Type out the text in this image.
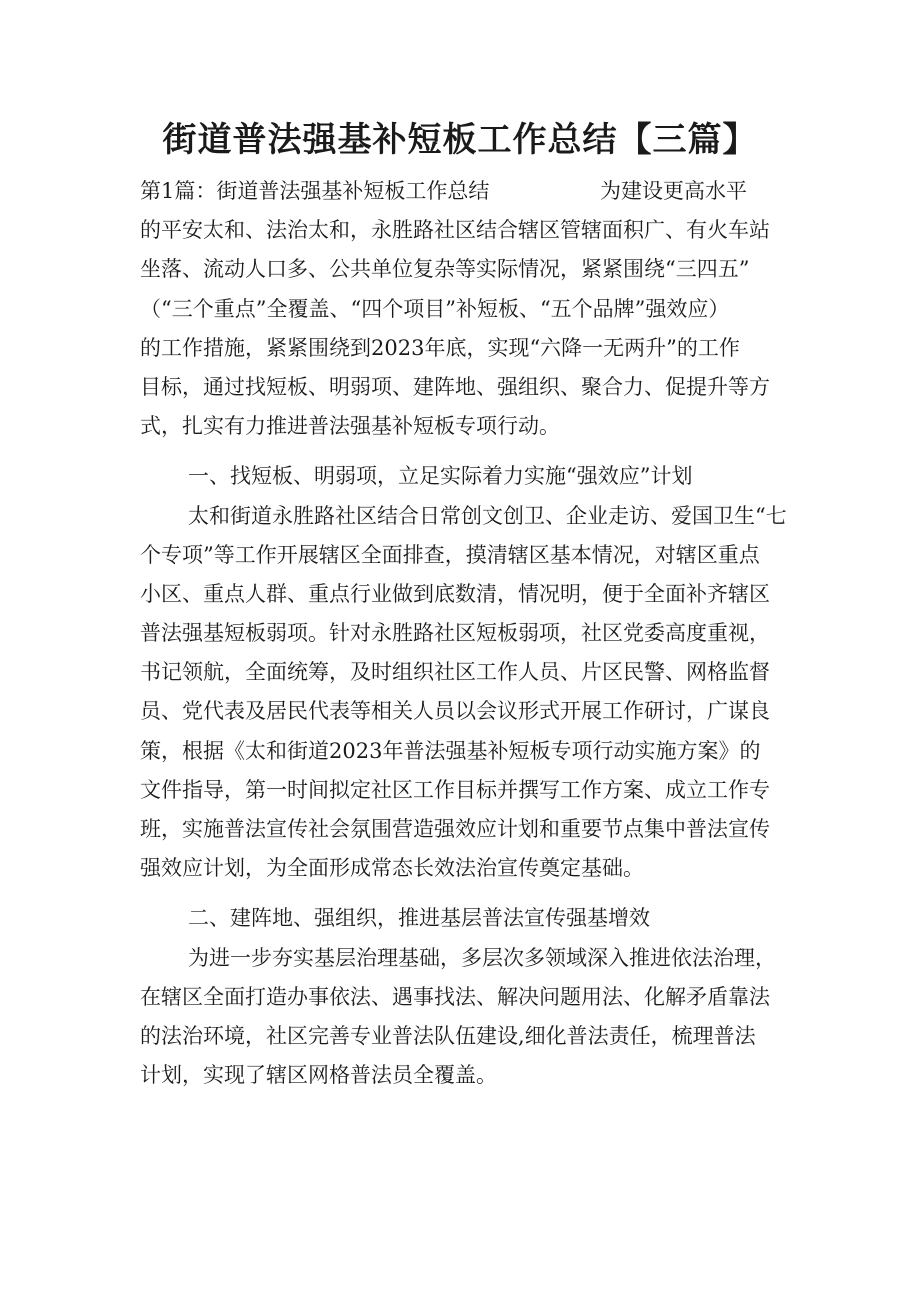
街道普法强基补短板工作总结【三篇】
第1篇：街道普法强基补短板工作总结	为建设更高水平
的平安太和、法治太和，永胜路社区结合辖区管辖面积广、有火车站
坐落、流动人口多、公共单位复杂等实际情况，紧紧围绕“三四五”
（“三个重点”全覆盖、“四个项目”补短板、“五个品牌”强效应）
的工作措施，紧紧围绕到2023年底，实现“六降一无两升”的工作
目标，通过找短板、明弱项、建阵地、强组织、聚合力、促提升等方
式，扎实有力推进普法强基补短板专项行动。
一、找短板、明弱项，立足实际着力实施“强效应”计划
太和街道永胜路社区结合日常创文创卫、企业走访、爱国卫生“七
个专项”等工作开展辖区全面排查，摸清辖区基本情况，对辖区重点
小区、重点人群、重点行业做到底数清，情况明，便于全面补齐辖区
普法强基短板弱项。针对永胜路社区短板弱项，社区党委高度重视，
书记领航，全面统筹，及时组织社区工作人员、片区民警、网格监督
员、党代表及居民代表等相关人员以会议形式开展工作研讨，广谋良
策，根据《太和街道2023年普法强基补短板专项行动实施方案》的
文件指导，第一时间拟定社区工作目标并撰写工作方案、成立工作专
班，实施普法宣传社会氛围营造强效应计划和重要节点集中普法宣传
强效应计划，为全面形成常态长效法治宣传奠定基础。
二、建阵地、强组织，推进基层普法宣传强基增效
为进一步夯实基层治理基础，多层次多领域深入推进依法治理，
在辖区全面打造办事依法、遇事找法、解决问题用法、化解矛盾靠法
的法治环境，社区完善专业普法队伍建设,细化普法责任，梳理普法
计划，实现了辖区网格普法员全覆盖。
